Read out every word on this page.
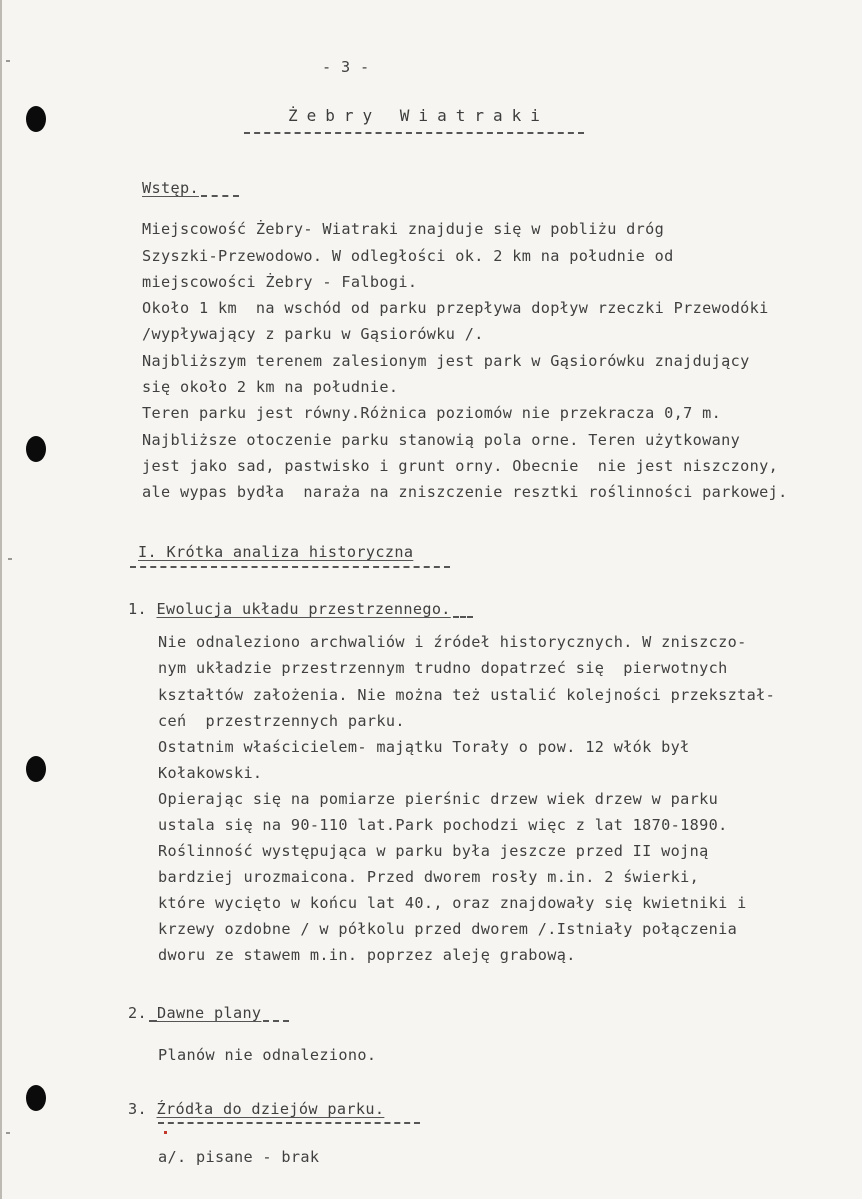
- 3 -
Żebry Wiatraki
Wstęp.
Miejscowość Żebry- Wiatraki znajduje się w pobliżu dróg
Szyszki-Przewodowo. W odległości ok. 2 km na południe od
miejscowości Żebry - Falbogi.
Około 1 km  na wschód od parku przepływa dopływ rzeczki Przewodóki
/wypływający z parku w Gąsiorówku /.
Najbliższym terenem zalesionym jest park w Gąsiorówku znajdujący
się około 2 km na południe.
Teren parku jest równy.Różnica poziomów nie przekracza 0,7 m.
Najbliższe otoczenie parku stanowią pola orne. Teren użytkowany
jest jako sad, pastwisko i grunt orny. Obecnie  nie jest niszczony,
ale wypas bydła  naraża na zniszczenie resztki roślinności parkowej.
I. Krótka analiza historyczna
1. Ewolucja układu przestrzennego.
Nie odnaleziono archwaliów i źródeł historycznych. W zniszczo-
nym układzie przestrzennym trudno dopatrzeć się  pierwotnych
kształtów założenia. Nie można też ustalić kolejności przekształ-
ceń  przestrzennych parku.
Ostatnim właścicielem- majątku Torały o pow. 12 włók był
Kołakowski.
Opierając się na pomiarze pierśnic drzew wiek drzew w parku
ustala się na 90-110 lat.Park pochodzi więc z lat 1870-1890.
Roślinność występująca w parku była jeszcze przed II wojną
bardziej urozmaicona. Przed dworem rosły m.in. 2 świerki,
które wycięto w końcu lat 40., oraz znajdowały się kwietniki i
krzewy ozdobne / w półkolu przed dworem /.Istniały połączenia
dworu ze stawem m.in. poprzez aleję grabową.
2. Dawne plany
Planów nie odnaleziono.
3. Źródła do dziejów parku.
a/. pisane - brak
